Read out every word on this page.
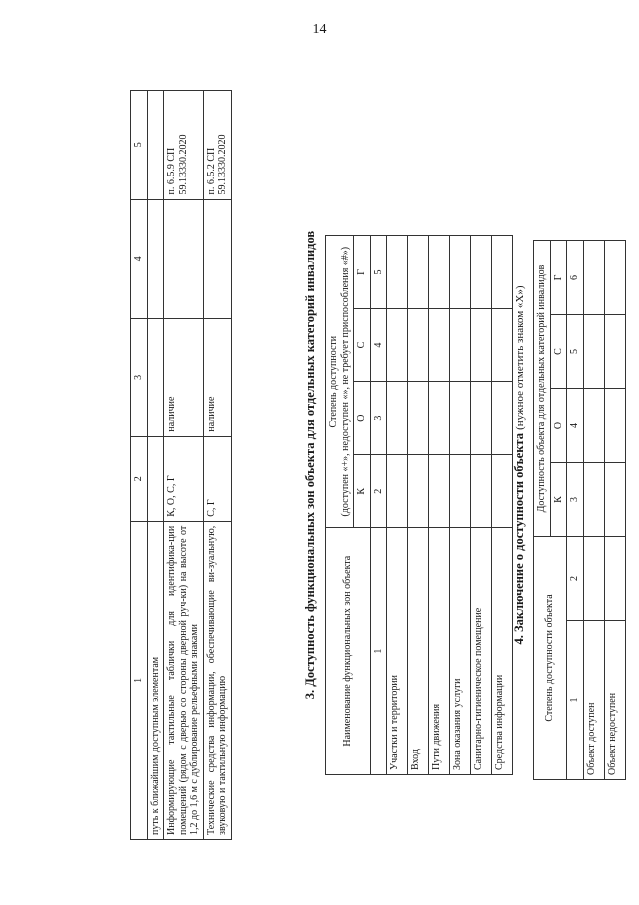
14
1	2	3	4	5
путь к ближайшим доступным элементам				
Информирующие тактильные таблички для идентифика-ции помещений (рядом с дверью со стороны дверной руч-ки) на высоте от 1,2 до 1,6 м с дублирование рельефными знаками	К, О, С, Г	наличие		п. 6.5.9 СП 59.13330.2020
Технические средства информации, обеспечивающие ви-зуальную, звуковую и тактильную информацию	С, Г	наличие		п. 6.5.2 СП 59.13330.2020
3. Доступность функциональных зон объекта для отдельных категорий инвалидов	Наименование функциональных зон объекта	Степень доступности (доступен «+», недоступен «», не требует приспособления «#»)			

	К	О	С	Г
1	2	3	4	5
Участки и территории				
Вход				
Пути движения				
Зона оказания услуги				
Санитарно-гигиеническое помещение				
Средства информации				
4. Заключение о доступности объекта (нужное отметить знаком «Х»)
Степень доступности объекта		Доступность объекта для отдельных категорий инвалидов			
		К	О	С	Г
1	2	3	4	5	6
Объект доступен					
Объект недоступен					
